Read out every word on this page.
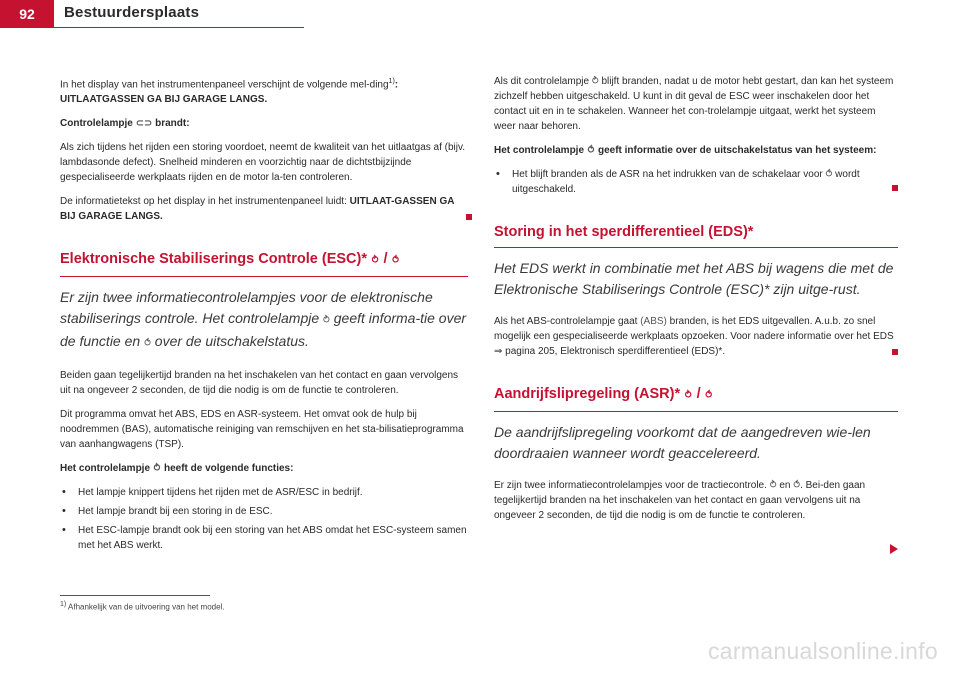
92	Bestuurdersplaats

In het display van het instrumentenpaneel verschijnt de volgende mel-ding$^{1)}$: UITLAATGASSEN GA BIJ GARAGE LANGS.

Controlelampje ⊂⊃ brandt:

Als zich tijdens het rijden een storing voordoet, neemt de kwaliteit van het uitlaatgas af (bijv. lambdasonde defect). Snelheid minderen en voorzichtig naar de dichtstbijzijnde gespecialiseerde werkplaats rijden en de motor la-ten controleren.

De informatietekst op het display in het instrumentenpaneel luidt: UITLAAT-GASSEN GA BIJ GARAGE LANGS.

Elektronische Stabiliserings Controle (ESC)* ⥁ / ⥀
Er zijn twee informatiecontrolelampjes voor de elektronische stabiliserings controle. Het controlelampje ⥁ geeft informa-tie over de functie en ⥀ over de uitschakelstatus.

Beiden gaan tegelijkertijd branden na het inschakelen van het contact en gaan vervolgens uit na ongeveer 2 seconden, de tijd die nodig is om de functie te controleren.

Dit programma omvat het ABS, EDS en ASR-systeem. Het omvat ook de hulp bij noodremmen (BAS), automatische reiniging van remschijven en het sta-bilisatieprogramma van aanhangwagens (TSP).

Het controlelampje ⥁ heeft de volgende functies:

• Het lampje knippert tijdens het rijden met de ASR/ESC in bedrijf.
• Het lampje brandt bij een storing in de ESC.
• Het ESC-lampje brandt ook bij een storing van het ABS omdat het ESC-systeem samen met het ABS werkt.
$^{1)}$ Afhankelijk van de uitvoering van het model.

Als dit controlelampje ⥁ blijft branden, nadat u de motor hebt gestart, dan kan het systeem zichzelf hebben uitgeschakeld. U kunt in dit geval de ESC weer inschakelen door het contact uit en in te schakelen. Wanneer het con-trolelampje uitgaat, werkt het systeem weer naar behoren.

Het controlelampje ⥀ geeft informatie over de uitschakelstatus van het systeem:

• Het blijft branden als de ASR na het indrukken van de schakelaar voor ⥀ wordt uitgeschakeld.
Storing in het sperdifferentieel (EDS)*
Het EDS werkt in combinatie met het ABS bij wagens die met de Elektronische Stabiliserings Controle (ESC)* zijn uitge-rust.

Als het ABS-controlelampje gaat (ABS) branden, is het EDS uitgevallen. A.u.b. zo snel mogelijk een gespecialiseerde werkplaats opzoeken. Voor nadere informatie over het EDS ⇒ pagina 205, Elektronisch sperdifferentieel (EDS)*.

Aandrijfslipregeling (ASR)* ⥁ / ⥀
De aandrijfslipregeling voorkomt dat de aangedreven wie-len doordraaien wanneer wordt geaccelereerd.

Er zijn twee informatiecontrolelampjes voor de tractiecontrole. ⥁ en ⥀. Bei-den gaan tegelijkertijd branden na het inschakelen van het contact en gaan vervolgens uit na ongeveer 2 seconden, de tijd die nodig is om de functie te controleren.

carmanualsonline.info
